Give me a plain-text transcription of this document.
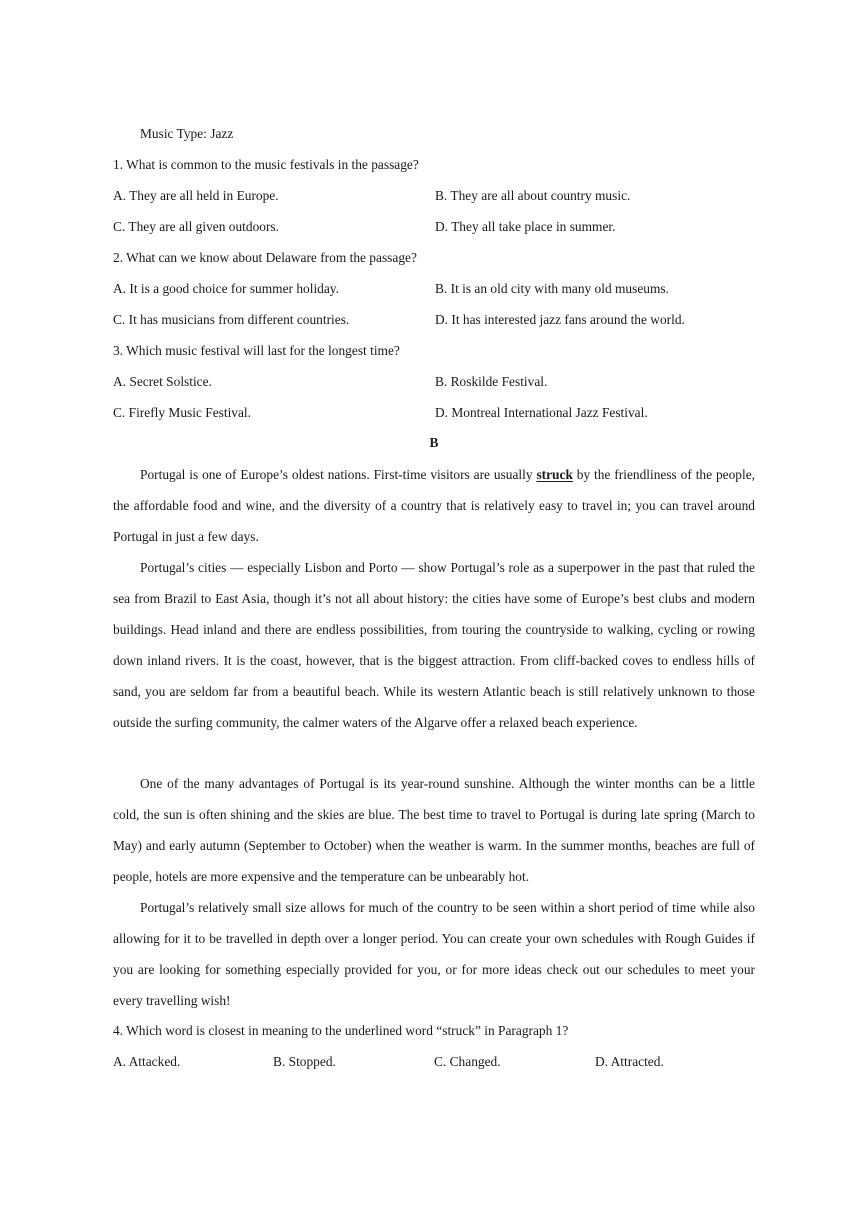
Music Type: Jazz
1. What is common to the music festivals in the passage?
A. They are all held in Europe.	B. They are all about country music.
C. They are all given outdoors.	D. They all take place in summer.
2. What can we know about Delaware from the passage?
A. It is a good choice for summer holiday.	B. It is an old city with many old museums.
C. It has musicians from different countries.	D. It has interested jazz fans around the world.
3. Which music festival will last for the longest time?
A. Secret Solstice.	B. Roskilde Festival.
C. Firefly Music Festival.	D. Montreal International Jazz Festival.
B
Portugal is one of Europe’s oldest nations. First-time visitors are usually struck by the friendliness of the people, the affordable food and wine, and the diversity of a country that is relatively easy to travel in; you can travel around Portugal in just a few days.
Portugal’s cities — especially Lisbon and Porto — show Portugal’s role as a superpower in the past that ruled the sea from Brazil to East Asia, though it’s not all about history: the cities have some of Europe’s best clubs and modern buildings. Head inland and there are endless possibilities, from touring the countryside to walking, cycling or rowing down inland rivers. It is the coast, however, that is the biggest attraction. From cliff-backed coves to endless hills of sand, you are seldom far from a beautiful beach. While its western Atlantic beach is still relatively unknown to those outside the surfing community, the calmer waters of the Algarve offer a relaxed beach experience.
One of the many advantages of Portugal is its year-round sunshine. Although the winter months can be a little cold, the sun is often shining and the skies are blue. The best time to travel to Portugal is during late spring (March to May) and early autumn (September to October) when the weather is warm. In the summer months, beaches are full of people, hotels are more expensive and the temperature can be unbearably hot.
Portugal’s relatively small size allows for much of the country to be seen within a short period of time while also allowing for it to be travelled in depth over a longer period. You can create your own schedules with Rough Guides if you are looking for something especially provided for you, or for more ideas check out our schedules to meet your every travelling wish!
4. Which word is closest in meaning to the underlined word “struck” in Paragraph 1?
A. Attacked.	B. Stopped.	C. Changed.	D. Attracted.
